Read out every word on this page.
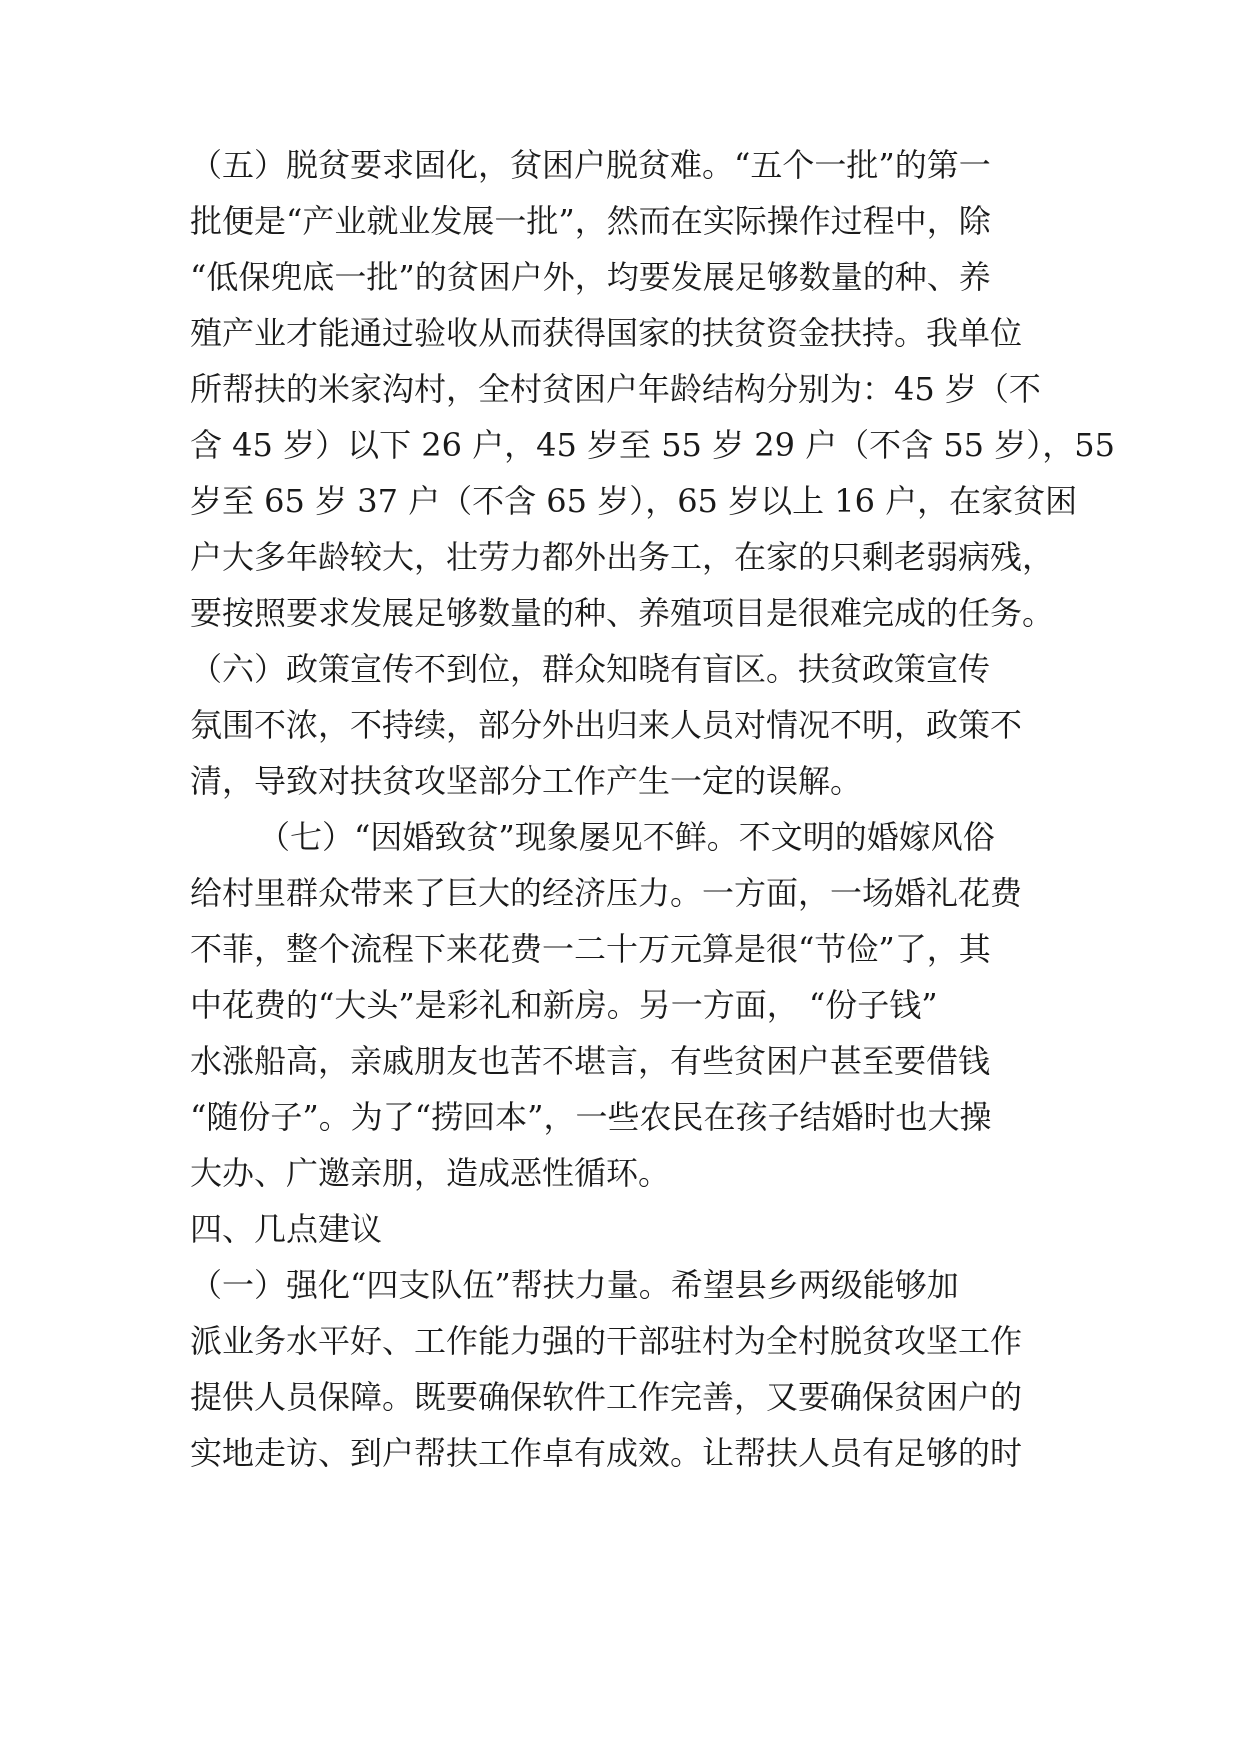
（五）脱贫要求固化，贫困户脱贫难。“五个一批”的第一
批便是“产业就业发展一批”，然而在实际操作过程中，除
“低保兜底一批”的贫困户外，均要发展足够数量的种、养
殖产业才能通过验收从而获得国家的扶贫资金扶持。我单位
所帮扶的米家沟村，全村贫困户年龄结构分别为：45 岁（不
含 45 岁）以下 26 户，45 岁至 55 岁 29 户（不含 55 岁），55
岁至 65 岁 37 户（不含 65 岁），65 岁以上 16 户，在家贫困
户大多年龄较大，壮劳力都外出务工，在家的只剩老弱病残，
要按照要求发展足够数量的种、养殖项目是很难完成的任务。
（六）政策宣传不到位，群众知晓有盲区。扶贫政策宣传
氛围不浓，不持续，部分外出归来人员对情况不明，政策不
清，导致对扶贫攻坚部分工作产生一定的误解。
（七）“因婚致贫”现象屡见不鲜。不文明的婚嫁风俗
给村里群众带来了巨大的经济压力。一方面，一场婚礼花费
不菲，整个流程下来花费一二十万元算是很“节俭”了，其
中花费的“大头”是彩礼和新房。另一方面， “份子钱”
水涨船高，亲戚朋友也苦不堪言，有些贫困户甚至要借钱
“随份子”。为了“捞回本”，一些农民在孩子结婚时也大操
大办、广邀亲朋，造成恶性循环。
四、几点建议
（一）强化“四支队伍”帮扶力量。希望县乡两级能够加
派业务水平好、工作能力强的干部驻村为全村脱贫攻坚工作
提供人员保障。既要确保软件工作完善，又要确保贫困户的
实地走访、到户帮扶工作卓有成效。让帮扶人员有足够的时
